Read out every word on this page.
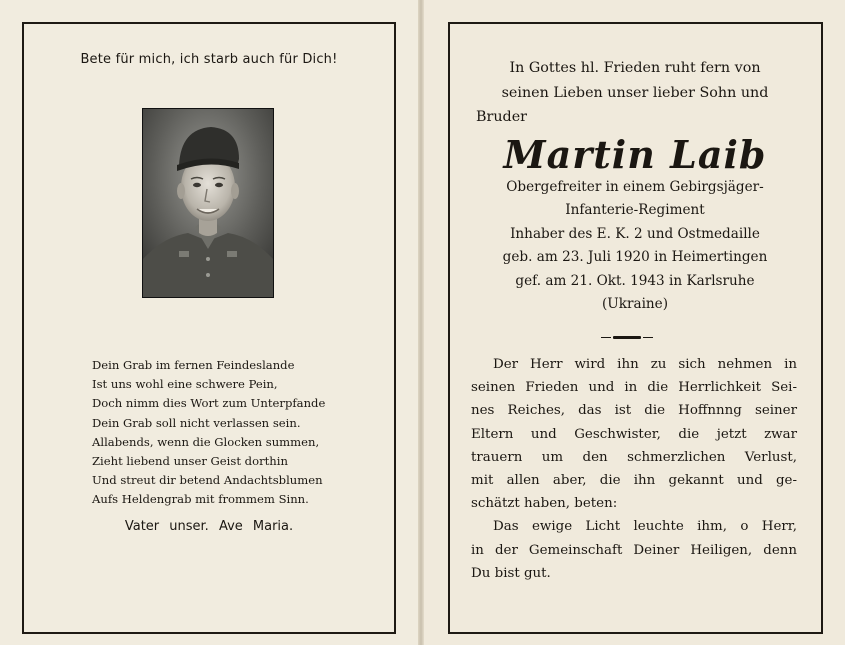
Bete für mich, ich starb auch für Dich!
Dein Grab im fernen Feindeslande
Ist uns wohl eine schwere Pein,
Doch nimm dies Wort zum Unterpfande
Dein Grab soll nicht verlassen sein.
Allabends, wenn die Glocken summen,
Zieht liebend unser Geist dorthin
Und streut dir betend Andachtsblumen
Aufs Heldengrab mit frommem Sinn.
Vater unser. Ave Maria.
In Gottes hl. Frieden ruht fern von
seinen Lieben unser lieber Sohn und
Bruder
Martin Laib
Obergefreiter in einem Gebirgsjäger-
Infanterie-Regiment
Inhaber des E. K. 2 und Ostmedaille
geb. am 23. Juli 1920 in Heimertingen
gef. am 21. Okt. 1943 in Karlsruhe
(Ukraine)
Der Herr wird ihn zu sich nehmen in
seinen Frieden und in die Herrlichkeit Sei-
nes Reiches, das ist die Hoffnnng seiner
Eltern und Geschwister, die jetzt zwar
trauern um den schmerzlichen Verlust,
mit allen aber, die ihn gekannt und ge-
schätzt haben, beten:
Das ewige Licht leuchte ihm, o Herr,
in der Gemeinschaft Deiner Heiligen, denn
Du bist gut.
